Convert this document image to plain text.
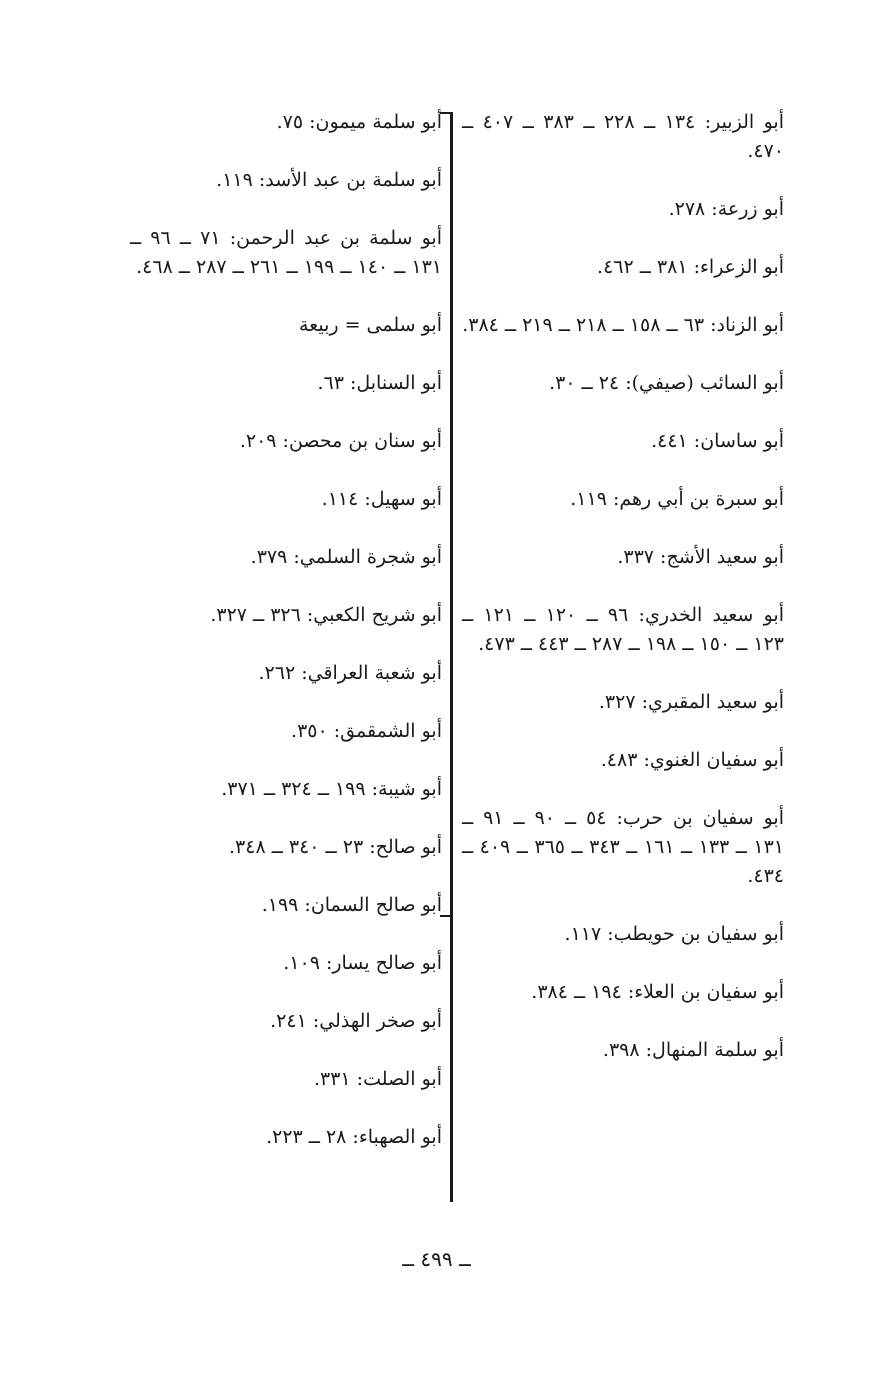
أبو الزبير: ١٣٤ ــ ٢٢٨ ــ ٣٨٣ ــ ٤٠٧ ــ ٤٧٠.

أبو زرعة: ٢٧٨.

أبو الزعراء: ٣٨١ ــ ٤٦٢.

أبو الزناد: ٦٣ ــ ١٥٨ ــ ٢١٨ ــ ٢١٩ ــ ٣٨٤.

أبو السائب (صيفي): ٢٤ ــ ٣٠.

أبو ساسان: ٤٤١.

أبو سبرة بن أبي رهم: ١١٩.

أبو سعيد الأشج: ٣٣٧.

أبو سعيد الخدري: ٩٦ ــ ١٢٠ ــ ١٢١ ــ ١٢٣ ــ ١٥٠ ــ ١٩٨ ــ ٢٨٧ ــ ٤٤٣ ــ ٤٧٣.

أبو سعيد المقبري: ٣٢٧.

أبو سفيان الغنوي: ٤٨٣.

أبو سفيان بن حرب: ٥٤ ــ ٩٠ ــ ٩١ ــ ١٣١ ــ ١٣٣ ــ ١٦١ ــ ٣٤٣ ــ ٣٦٥ ــ ٤٠٩ ــ ٤٣٤.

أبو سفيان بن حويطب: ١١٧.

أبو سفيان بن العلاء: ١٩٤ ــ ٣٨٤.

أبو سلمة المنهال: ٣٩٨.

أبو سلمة ميمون: ٧٥.

أبو سلمة بن عبد الأسد: ١١٩.

أبو سلمة بن عبد الرحمن: ٧١ ــ ٩٦ ــ ١٣١ ــ ١٤٠ ــ ١٩٩ ــ ٢٦١ ــ ٢٨٧ ــ ٤٦٨.

أبو سلمى = ربيعة

أبو السنابل: ٦٣.

أبو سنان بن محصن: ٢٠٩.

أبو سهيل: ١١٤.

أبو شجرة السلمي: ٣٧٩.

أبو شريح الكعبي: ٣٢٦ ــ ٣٢٧.

أبو شعبة العراقي: ٢٦٢.

أبو الشمقمق: ٣٥٠.

أبو شيبة: ١٩٩ ــ ٣٢٤ ــ ٣٧١.

أبو صالح: ٢٣ ــ ٣٤٠ ــ ٣٤٨.

أبو صالح السمان: ١٩٩.

أبو صالح يسار: ١٠٩.

أبو صخر الهذلي: ٢٤١.

أبو الصلت: ٣٣١.

أبو الصهباء: ٢٨ ــ ٢٢٣.

ــ ٤٩٩ ــ
